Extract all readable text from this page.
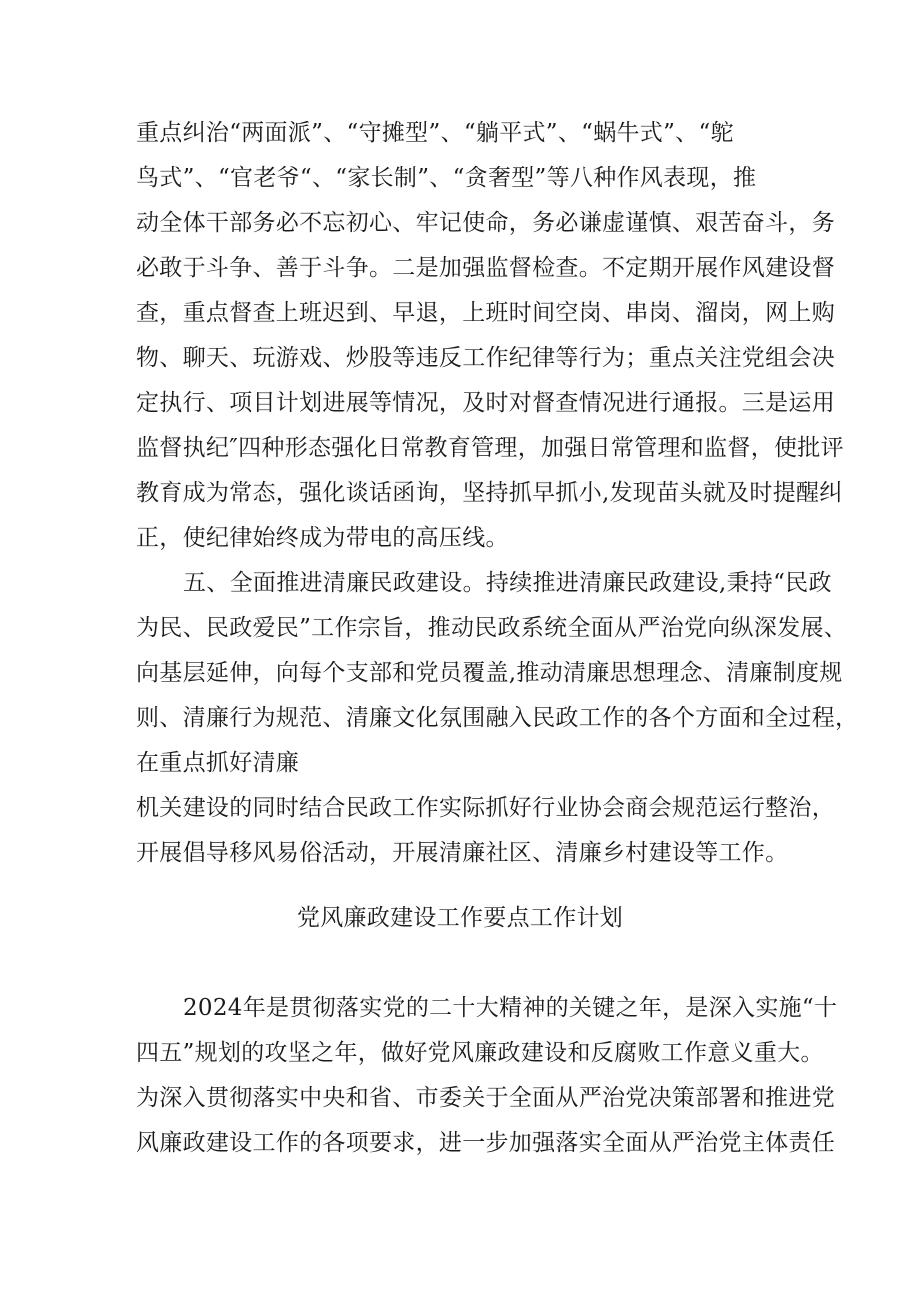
重点纠治“两面派”、“守摊型”、“躺平式”、“蜗牛式”、“鸵
鸟式”、“官老爷“、“家长制”、“贪奢型”等八种作风表现，推
动全体干部务必不忘初心、牢记使命，务必谦虚谨慎、艰苦奋斗，务
必敢于斗争、善于斗争。二是加强监督检查。不定期开展作风建设督
查，重点督查上班迟到、早退，上班时间空岗、串岗、溜岗，网上购
物、聊天、玩游戏、炒股等违反工作纪律等行为；重点关注党组会决
定执行、项目计划进展等情况，及时对督查情况进行通报。三是运用
监督执纪″四种形态强化日常教育管理，加强日常管理和监督，使批评
教育成为常态，强化谈话函询，坚持抓早抓小,发现苗头就及时提醒纠
正，使纪律始终成为带电的高压线。
五、全面推进清廉民政建设。持续推进清廉民政建设,秉持“民政
为民、民政爱民”工作宗旨，推动民政系统全面从严治党向纵深发展、
向基层延伸，向每个支部和党员覆盖,推动清廉思想理念、清廉制度规
则、清廉行为规范、清廉文化氛围融入民政工作的各个方面和全过程，
在重点抓好清廉
机关建设的同时结合民政工作实际抓好行业协会商会规范运行整治，
开展倡导移风易俗活动，开展清廉社区、清廉乡村建设等工作。
党风廉政建设工作要点工作计划
2024年是贯彻落实党的二十大精神的关键之年，是深入实施“十
四五”规划的攻坚之年，做好党风廉政建设和反腐败工作意义重大。
为深入贯彻落实中央和省、市委关于全面从严治党决策部署和推进党
风廉政建设工作的各项要求，进一步加强落实全面从严治党主体责任
